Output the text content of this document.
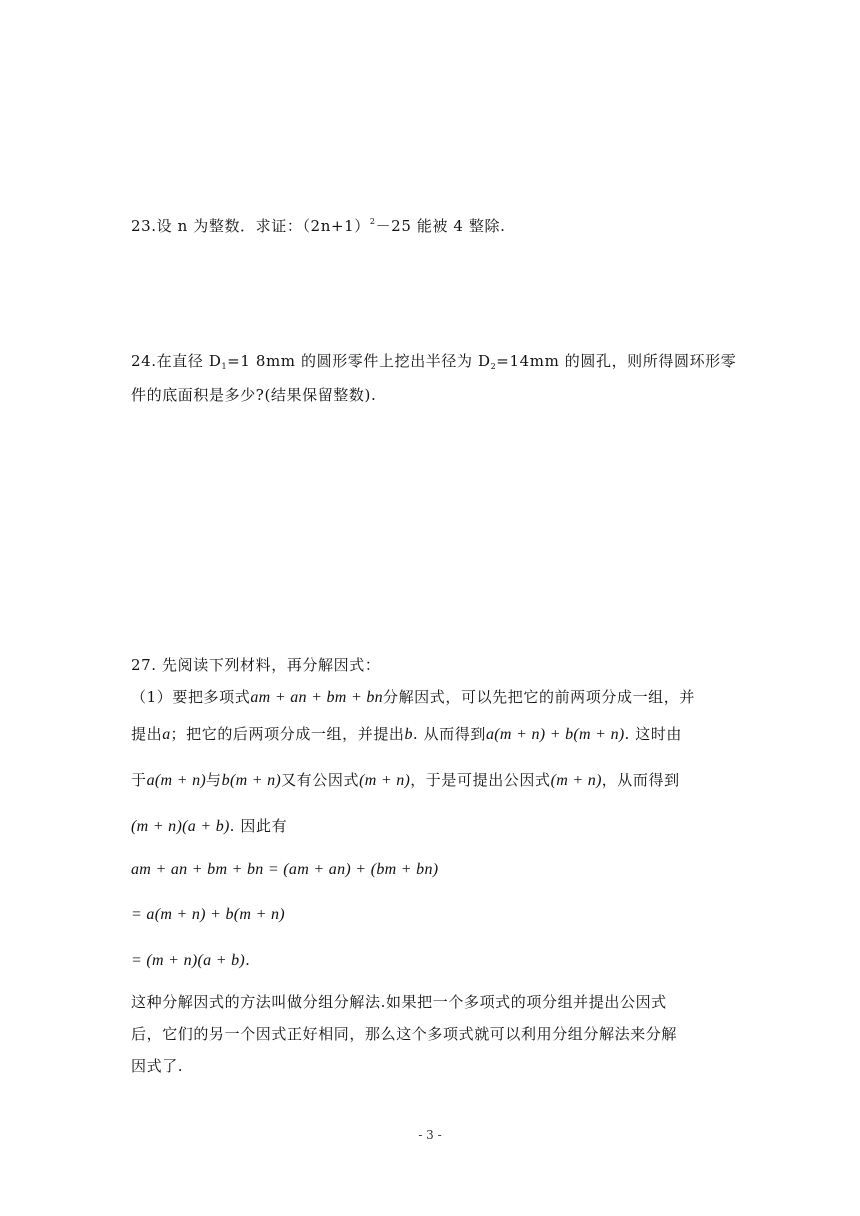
23.设 n 为整数．求证：$(2n+1)^2-25$ 能被 4 整除.
24.在直径 $D_1=1$ 8mm 的圆形零件上挖出半径为 $D_2=14mm$ 的圆孔，则所得圆环形零
件的底面积是多少?(结果保留整数).
27. 先阅读下列材料，再分解因式：
（1）要把多项式am + an + bm + bn分解因式，可以先把它的前两项分成一组，并
提出a；把它的后两项分成一组，并提出b. 从而得到a(m + n) + b(m + n). 这时由
于a(m + n)与b(m + n)又有公因式(m + n)，于是可提出公因式(m + n)，从而得到
(m + n)(a + b). 因此有
am + an + bm + bn = (am + an) + (bm + bn)
= a(m + n) + b(m + n)
= (m + n)(a + b).
这种分解因式的方法叫做分组分解法.如果把一个多项式的项分组并提出公因式
后，它们的另一个因式正好相同，那么这个多项式就可以利用分组分解法来分解
因式了.
- 3 -
